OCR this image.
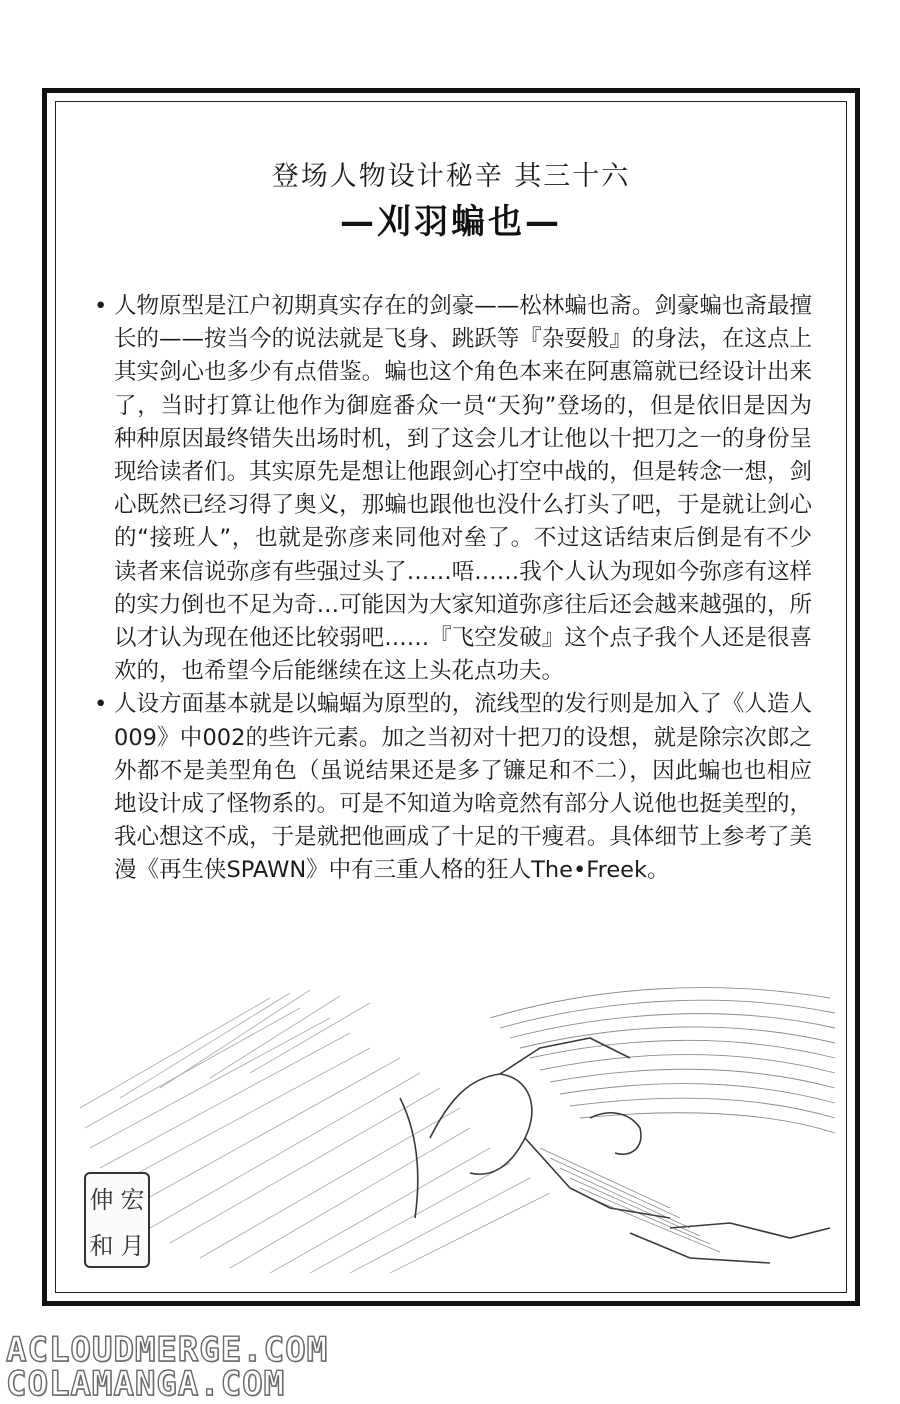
登场人物设计秘辛 其三十六
—刈羽蝙也—

• 人物原型是江户初期真实存在的剑豪——松林蝙也斋。剑豪蝙也斋最擅长的——按当今的说法就是飞身、跳跃等『杂耍般』的身法，在这点上其实剑心也多少有点借鉴。蝙也这个角色本来在阿惠篇就已经设计出来了，当时打算让他作为御庭番众一员“天狗”登场的，但是依旧是因为种种原因最终错失出场时机，到了这会儿才让他以十把刀之一的身份呈现给读者们。其实原先是想让他跟剑心打空中战的，但是转念一想，剑心既然已经习得了奥义，那蝙也跟他也没什么打头了吧，于是就让剑心的“接班人”，也就是弥彦来同他对垒了。不过这话结束后倒是有不少读者来信说弥彦有些强过头了……唔……我个人认为现如今弥彦有这样的实力倒也不足为奇…可能因为大家知道弥彦往后还会越来越强的，所以才认为现在他还比较弱吧……『飞空发破』这个点子我个人还是很喜欢的，也希望今后能继续在这上头花点功夫。

• 人设方面基本就是以蝙蝠为原型的，流线型的发行则是加入了《人造人009》中002的些许元素。加之当初对十把刀的设想，就是除宗次郎之外都不是美型角色（虽说结果还是多了镰足和不二），因此蝙也也相应地设计成了怪物系的。可是不知道为啥竟然有部分人说他也挺美型的，我心想这不成，于是就把他画成了十足的干瘦君。具体细节上参考了美漫《再生侠SPAWN》中有三重人格的狂人The•Freek。

伸 宏
和 月
ACLOUDMERGE.COM
COLAMANGA.COM
